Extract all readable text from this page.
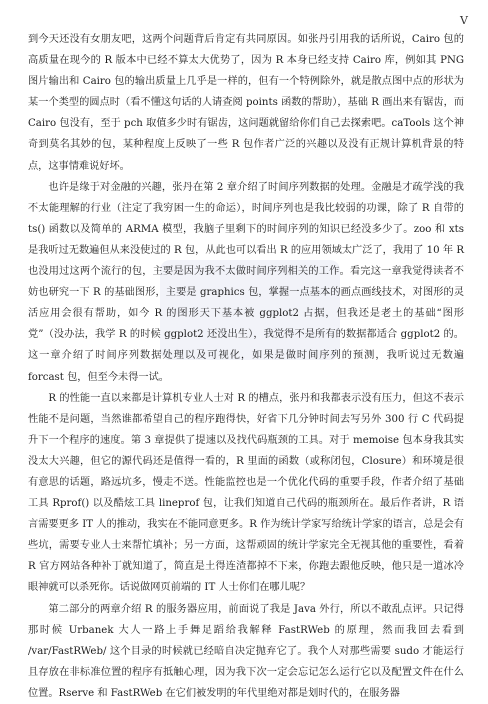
V

到今天还没有女朋友吧，这两个问题背后肯定有共同原因。如张丹引用我的话所说，Cairo 包的高质量在现今的 R 版本中已经不算太大优势了，因为 R 本身已经支持 Cairo 库，例如其 PNG 图片输出和 Cairo 包的输出质量上几乎是一样的，但有一个特例除外，就是散点图中点的形状为某一个类型的圆点时（看不懂这句话的人请查阅 points 函数的帮助），基础 R 画出来有锯齿，而 Cairo 包没有，至于 pch 取值多少时有锯齿，这问题就留给你们自己去探索吧。caTools 这个神奇到莫名其妙的包，某种程度上反映了一些 R 包作者广泛的兴趣以及没有正规计算机背景的特点，这事情难说好坏。

也许是缘于对金融的兴趣，张丹在第 2 章介绍了时间序列数据的处理。金融是才疏学浅的我不太能理解的行业（注定了我穷困一生的命运），时间序列也是我比较弱的功课，除了 R 自带的 ts() 函数以及简单的 ARMA 模型，我脑子里剩下的时间序列的知识已经没多少了。zoo 和 xts 是我听过无数遍但从来没使过的 R 包，从此也可以看出 R 的应用领域太广泛了，我用了 10 年 R 也没用过这两个流行的包，主要是因为我不太做时间序列相关的工作。看完这一章我觉得读者不妨也研究一下 R 的基础图形，主要是 graphics 包，掌握一点基本的画点画线技术，对图形的灵活应用会很有帮助，如今 R 的图形天下基本被 ggplot2 占据，但我还是老土的基础“图形党”（没办法，我学 R 的时候 ggplot2 还没出生），我觉得不是所有的数据都适合 ggplot2 的。这一章介绍了时间序列数据处理以及可视化，如果是做时间序列的预测，我听说过无数遍 forcast 包，但至今未得一试。

R 的性能一直以来都是计算机专业人士对 R 的槽点，张丹和我都表示没有压力，但这不表示性能不是问题，当然谁都希望自己的程序跑得快，好省下几分钟时间去写另外 300 行 C 代码提升下一个程序的速度。第 3 章提供了提速以及找代码瓶颈的工具。对于 memoise 包本身我其实没太大兴趣，但它的源代码还是值得一看的，R 里面的函数（或称闭包，Closure）和环境是很有意思的话题，路远坑多，慢走不送。性能监控也是一个优化代码的重要手段，作者介绍了基础工具 Rprof() 以及酷炫工具 lineprof 包，让我们知道自己代码的瓶颈所在。最后作者讲，R 语言需要更多 IT 人的推动，我实在不能同意更多。R 作为统计学家写给统计学家的语言，总是会有些坑，需要专业人士来帮忙填补；另一方面，这帮顽固的统计学家完全无视其他的重要性，看着 R 官方网站各种补丁就知道了，简直是土得连渣都掉不下来，你跑去跟他反映，他只是一道冰冷眼神就可以杀死你。话说做网页前端的 IT 人士你们在哪儿呢？

第二部分的两章介绍 R 的服务器应用，前面说了我是 Java 外行，所以不敢乱点评。只记得那时候 Urbanek 大人一路上手舞足蹈给我解释 FastRWeb 的原理，然而我回去看到 /var/FastRWeb/ 这个目录的时候就已经暗自决定抛弃它了。我个人对那些需要 sudo 才能运行且存放在非标准位置的程序有抵触心理，因为我下次一定会忘记怎么运行它以及配置文件在什么位置。Rserve 和 FastRWeb 在它们被发明的年代里绝对都是划时代的，在服务器
